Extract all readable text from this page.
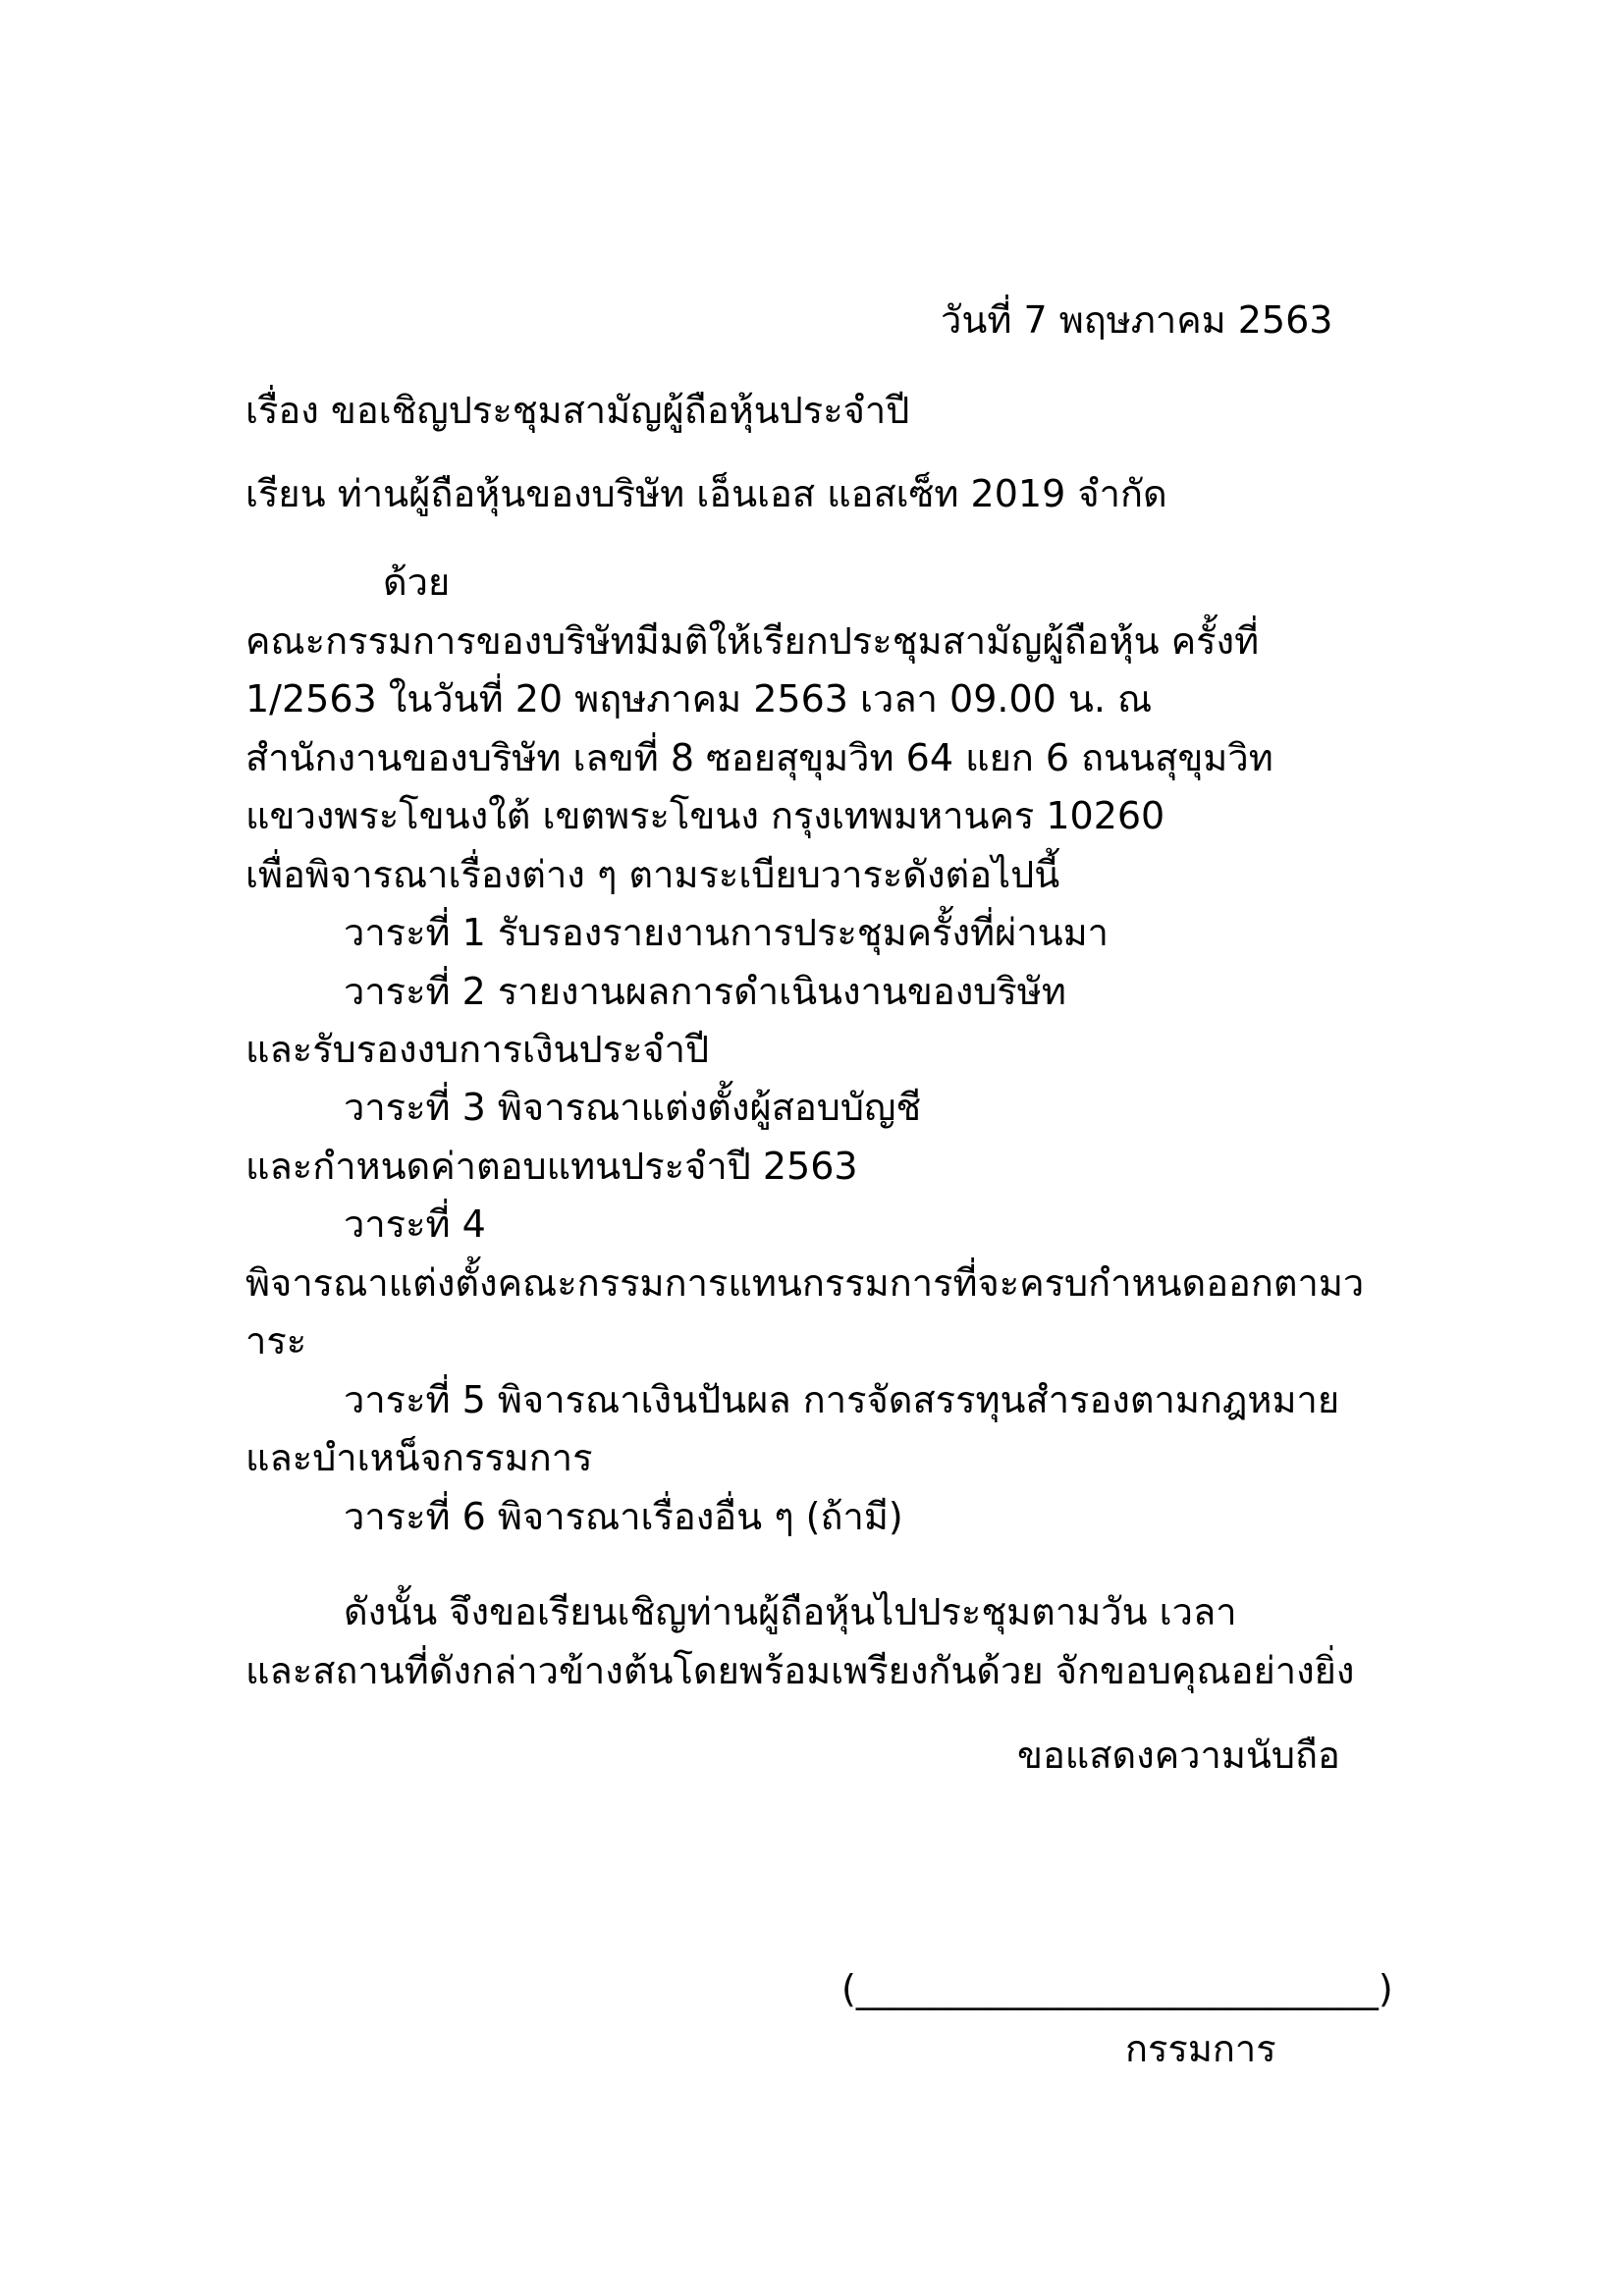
วันที่ 7 พฤษภาคม 2563

เรื่อง ขอเชิญประชุมสามัญผู้ถือหุ้นประจำปี

เรียน ท่านผู้ถือหุ้นของบริษัท เอ็นเอส แอสเซ็ท 2019 จำกัด

ด้วย

คณะกรรมการของบริษัทมีมติให้เรียกประชุมสามัญผู้ถือหุ้น ครั้งที่

1/2563 ในวันที่ 20 พฤษภาคม 2563 เวลา 09.00 น. ณ

สำนักงานของบริษัท เลขที่ 8 ซอยสุขุมวิท 64 แยก 6 ถนนสุขุมวิท

แขวงพระโขนงใต้ เขตพระโขนง กรุงเทพมหานคร 10260

เพื่อพิจารณาเรื่องต่าง ๆ ตามระเบียบวาระดังต่อไปนี้

วาระที่ 1 รับรองรายงานการประชุมครั้งที่ผ่านมา

วาระที่ 2 รายงานผลการดำเนินงานของบริษัท

และรับรองงบการเงินประจำปี

วาระที่ 3 พิจารณาแต่งตั้งผู้สอบบัญชี

และกำหนดค่าตอบแทนประจำปี 2563

วาระที่ 4

พิจารณาแต่งตั้งคณะกรรมการแทนกรรมการที่จะครบกำหนดออกตามว

าระ

วาระที่ 5 พิจารณาเงินปันผล การจัดสรรทุนสำรองตามกฎหมาย

และบำเหน็จกรรมการ

วาระที่ 6 พิจารณาเรื่องอื่น ๆ (ถ้ามี)

ดังนั้น จึงขอเรียนเชิญท่านผู้ถือหุ้นไปประชุมตามวัน เวลา

และสถานที่ดังกล่าวข้างต้นโดยพร้อมเพรียงกันด้วย จักขอบคุณอย่างยิ่ง

ขอแสดงความนับถือ

(____________________________)

กรรมการ
